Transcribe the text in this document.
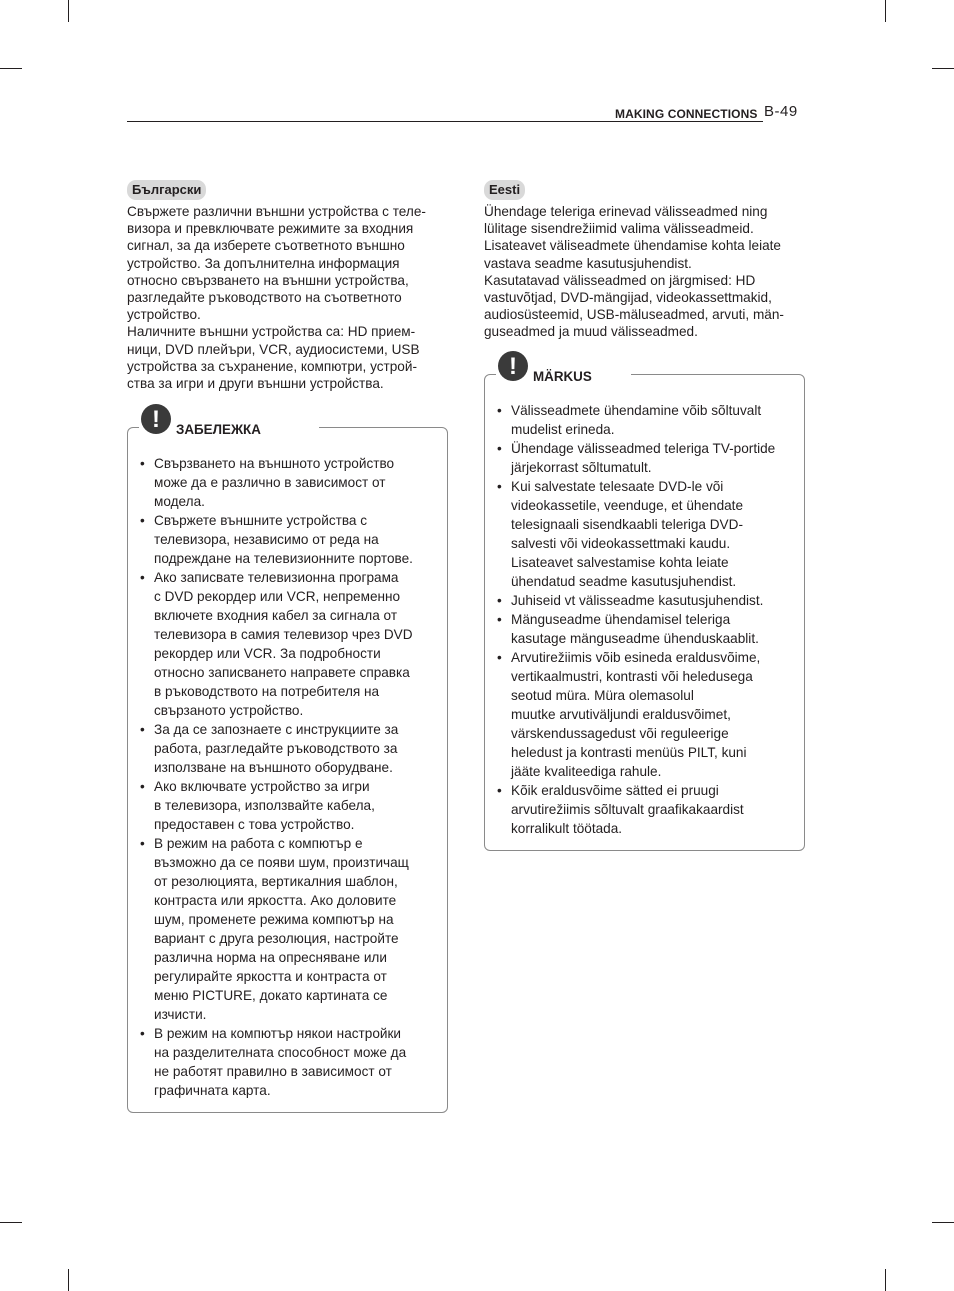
MAKING CONNECTIONS B-49
Български

Свържете различни външни устройства с теле-
визора и превключвате режимите за входния
сигнал, за да изберете съответното външно
устройство. За допълнителна информация
относно свързването на външни устройства,
разгледайте ръководството на съответното
устройство.
Наличните външни устройства са: HD прием-
ници, DVD плейъри, VCR, аудиосистеми, USB
устройства за съхранение, компютри, устрой-
ства за игри и други външни устройства.

• Свързването на външното устройство
може да е различно в зависимост от
модела.
• Свържете външните устройства с
телевизора, независимо от реда на
подреждане на телевизионните портове.
• Ако записвате телевизионна програма
с DVD рекордер или VCR, непременно
включете входния кабел за сигнала от
телевизора в самия телевизор чрез DVD
рекордер или VCR. За подробности
относно записването направете справка
в ръководството на потребителя на
свързаното устройство.
• За да се запознаете с инструкциите за
работа, разгледайте ръководството за
използване на външното оборудване.
• Ако включвате устройство за игри
в телевизора, използвайте кабела,
предоставен с това устройство.
• В режим на работа с компютър е
възможно да се появи шум, произтичащ
от резолюцията, вертикалния шаблон,
контраста или яркостта. Ако доловите
шум, променете режима компютър на
вариант с друга резолюция, настройте
различна норма на опресняване или
регулирайте яркостта и контраста от
меню PICTURE, докато картината се
изчисти.
• В режим на компютър някои настройки
на разделителната способност може да
не работят правилно в зависимост от
графичната карта.
!	ЗАБЕЛЕЖКА
Eesti

Ühendage teleriga erinevad välisseadmed ning
lülitage sisendrežiimid valima välisseadmeid.
Lisateavet väliseadmete ühendamise kohta leiate
vastava seadme kasutusjuhendist.
Kasutatavad välisseadmed on järgmised: HD
vastuvõtjad, DVD-mängijad, videokassettmakid,
audiosüsteemid, USB-mäluseadmed, arvuti, män-
guseadmed ja muud välisseadmed.

• Välisseadmete ühendamine võib sõltuvalt
mudelist erineda.
• Ühendage välisseadmed teleriga TV-portide
järjekorrast sõltumatult.
• Kui salvestate telesaate DVD-le või
videokassetile, veenduge, et ühendate
telesignaali sisendkaabli teleriga DVD-
salvesti või videokassettmaki kaudu.
Lisateavet salvestamise kohta leiate
ühendatud seadme kasutusjuhendist.
• Juhiseid vt välisseadme kasutusjuhendist.
• Mänguseadme ühendamisel teleriga
kasutage mänguseadme ühenduskaablit.
• Arvutirežiimis võib esineda eraldusvõime,
vertikaalmustri, kontrasti või heledusega
seotud müra. Müra olemasolul
muutke arvutiväljundi eraldusvõimet,
värskendussagedust või reguleerige
heledust ja kontrasti menüüs PILT, kuni
jääte kvaliteediga rahule.
• Kõik eraldusvõime sätted ei pruugi
arvutirežiimis sõltuvalt graafikakaardist
korralikult töötada.
!	MÄRKUS
